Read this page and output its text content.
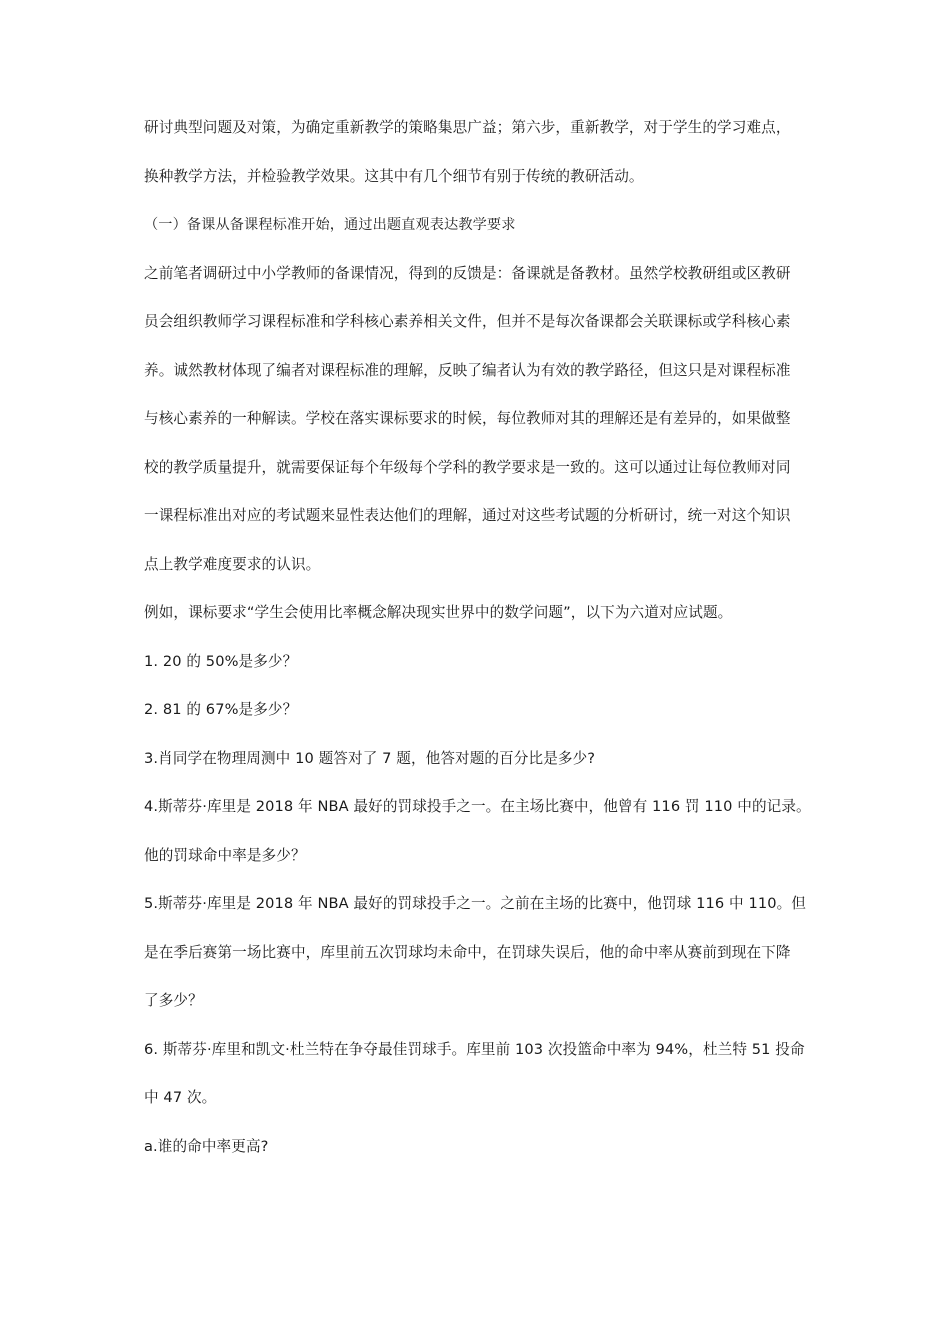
研讨典型问题及对策，为确定重新教学的策略集思广益；第六步，重新教学，对于学生的学习难点，
换种教学方法，并检验教学效果。这其中有几个细节有别于传统的教研活动。
（一）备课从备课程标准开始，通过出题直观表达教学要求
之前笔者调研过中小学教师的备课情况，得到的反馈是：备课就是备教材。虽然学校教研组或区教研
员会组织教师学习课程标准和学科核心素养相关文件，但并不是每次备课都会关联课标或学科核心素
养。诚然教材体现了编者对课程标准的理解，反映了编者认为有效的教学路径，但这只是对课程标准
与核心素养的一种解读。学校在落实课标要求的时候，每位教师对其的理解还是有差异的，如果做整
校的教学质量提升，就需要保证每个年级每个学科的教学要求是一致的。这可以通过让每位教师对同
一课程标准出对应的考试题来显性表达他们的理解，通过对这些考试题的分析研讨，统一对这个知识
点上教学难度要求的认识。
例如，课标要求“学生会使用比率概念解决现实世界中的数学问题”，以下为六道对应试题。
1. 20 的 50%是多少？
2. 81 的 67%是多少？
3.肖同学在物理周测中 10 题答对了 7 题，他答对题的百分比是多少?
4.斯蒂芬·库里是 2018 年 NBA 最好的罚球投手之一。在主场比赛中，他曾有 116 罚 110 中的记录。
他的罚球命中率是多少？
5.斯蒂芬·库里是 2018 年 NBA 最好的罚球投手之一。之前在主场的比赛中，他罚球 116 中 110。但
是在季后赛第一场比赛中，库里前五次罚球均未命中，在罚球失误后，他的命中率从赛前到现在下降
了多少？
6. 斯蒂芬·库里和凯文·杜兰特在争夺最佳罚球手。库里前 103 次投篮命中率为 94%，杜兰特 51 投命
中 47 次。
a.谁的命中率更高?
